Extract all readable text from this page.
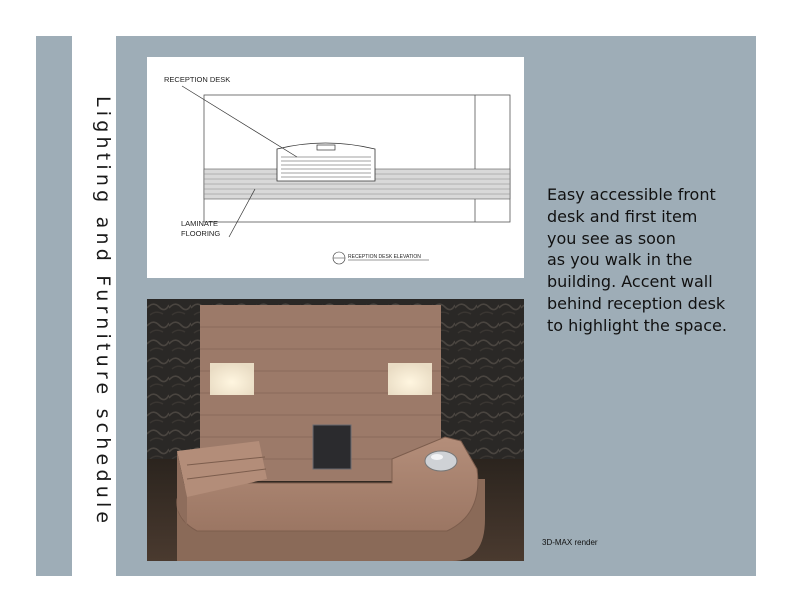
Lighting and Furniture schedule
RECEPTION DESK
LAMINATE
FLOORING
RECEPTION DESK ELEVATION

Easy accessible front
desk and first item
you see as soon
as you walk in the
building. Accent wall
behind reception desk
to highlight the space.

3D-MAX render
